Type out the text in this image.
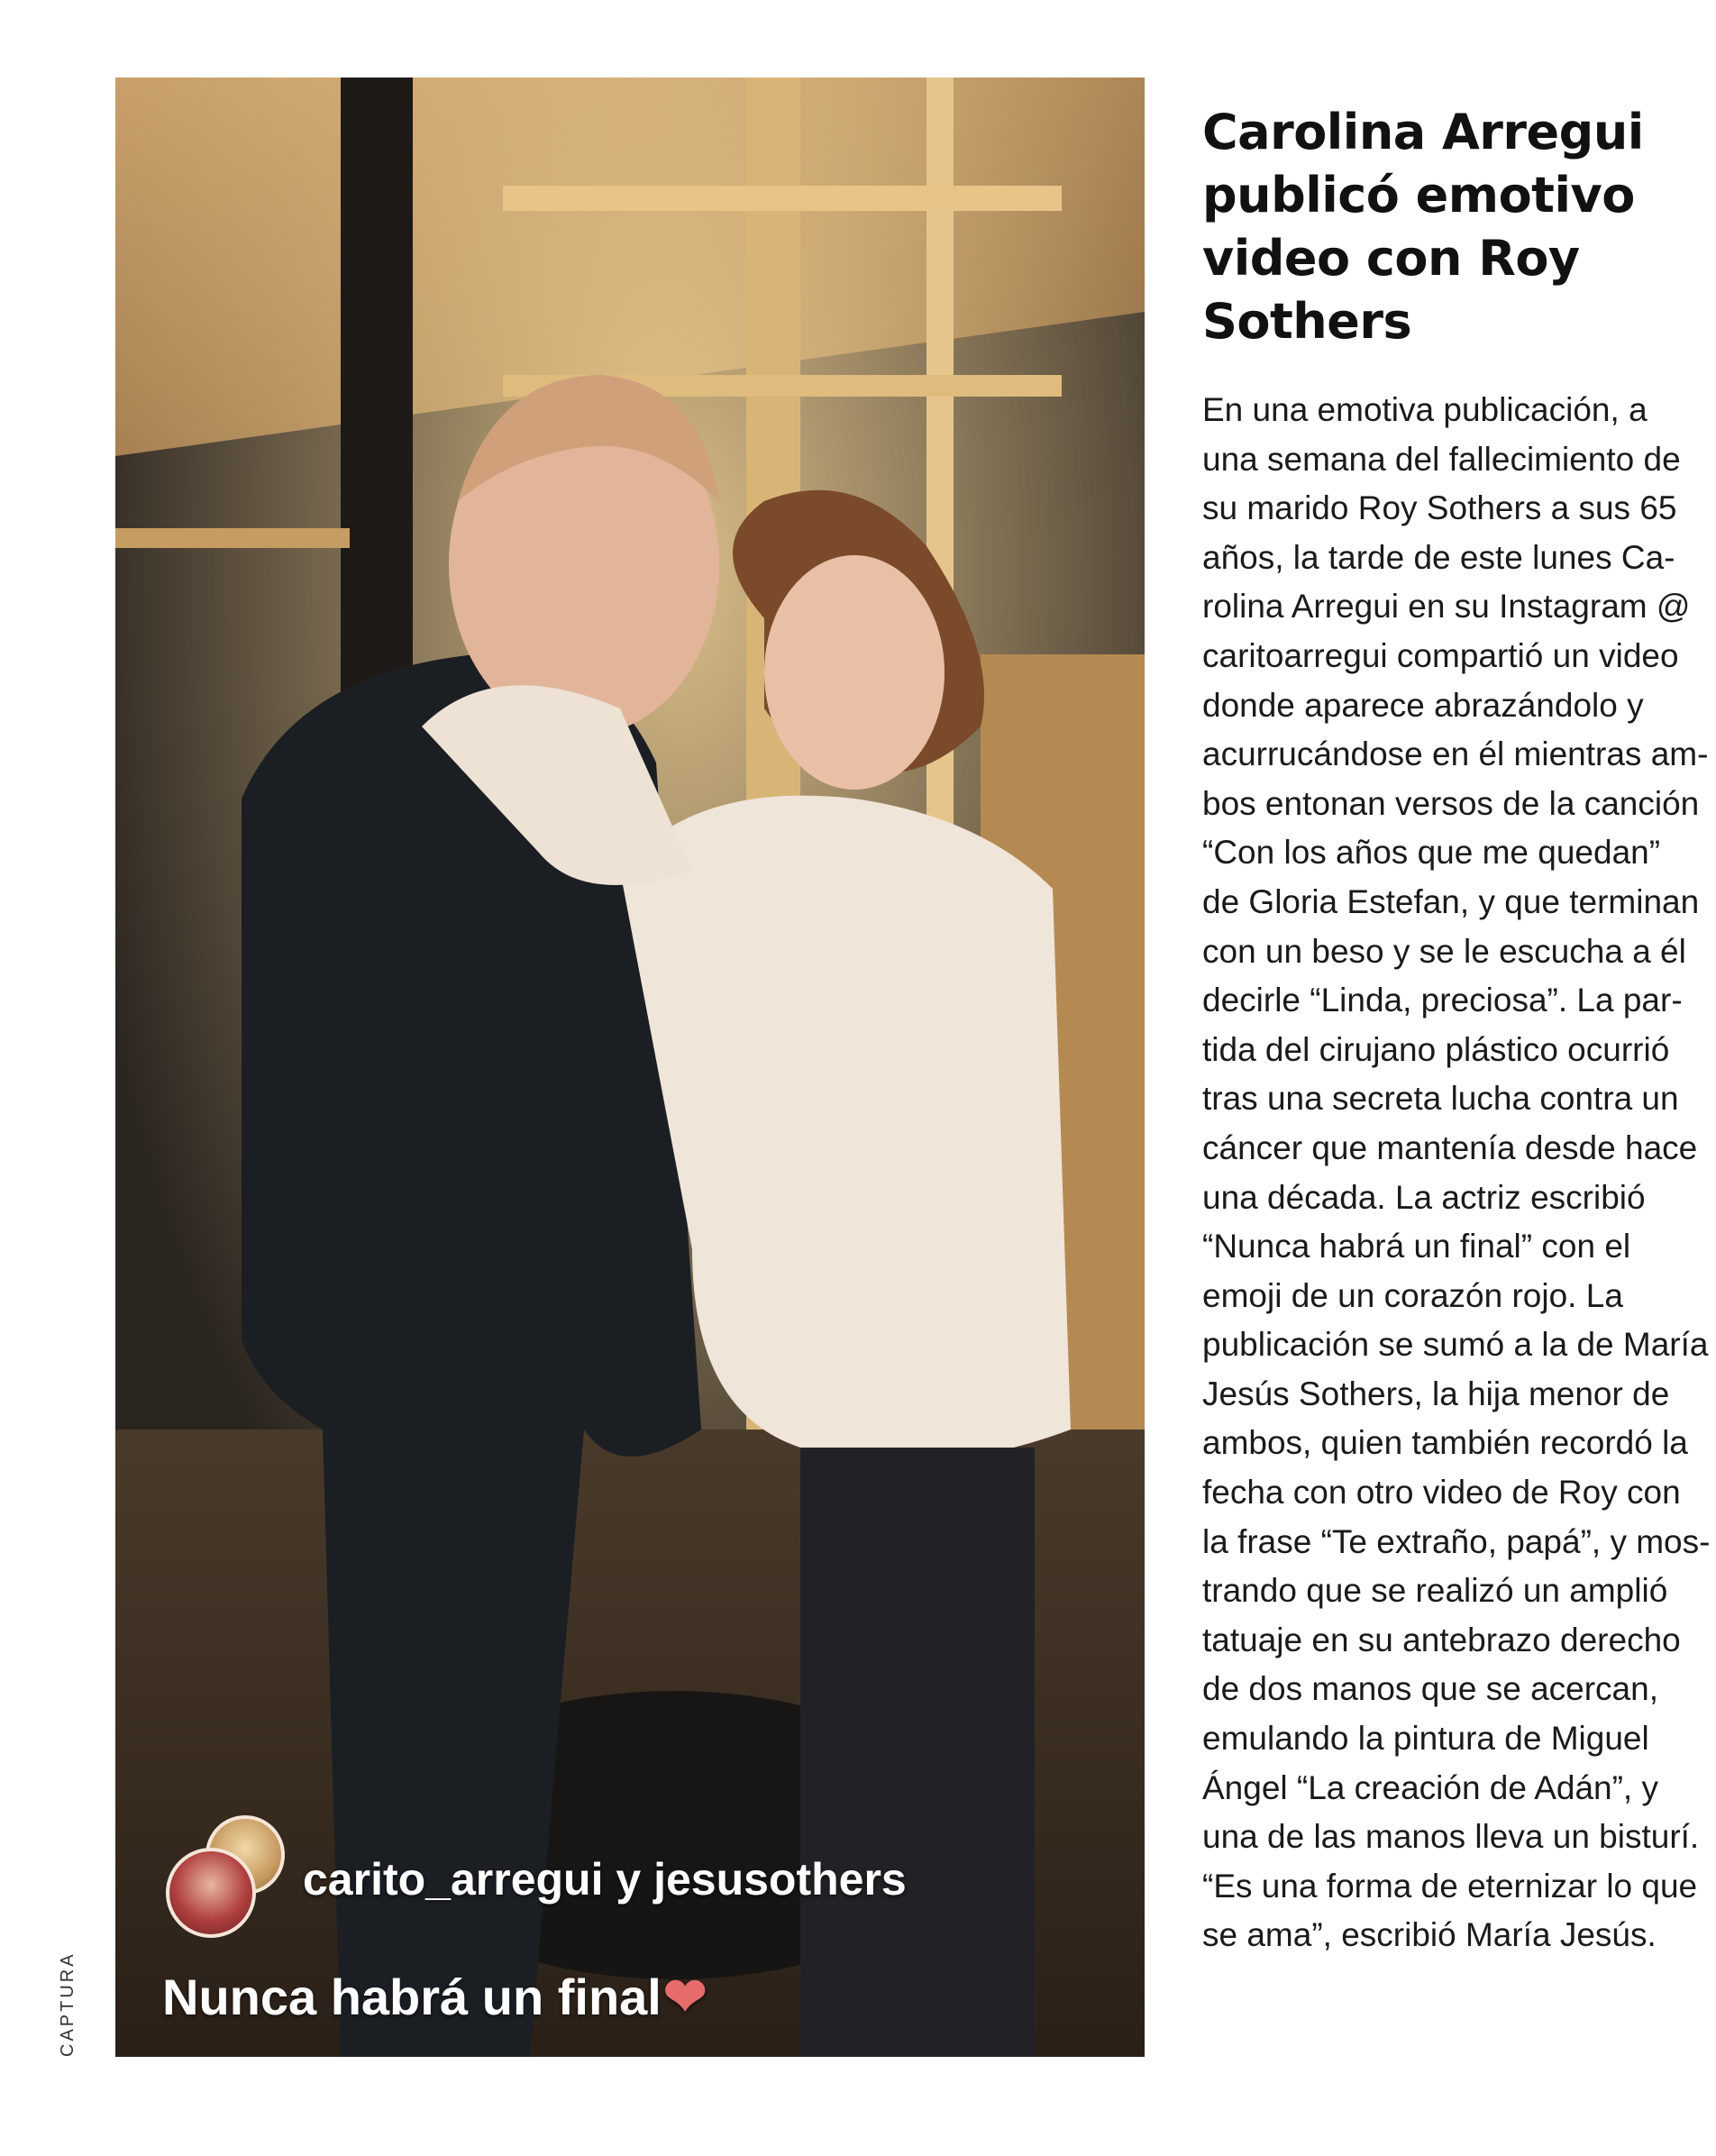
carito_arregui y jesusothers
Nunca habrá un final❤
CAPTURA
Carolina Arregui publicó emotivo video con Roy Sothers
En una emotiva publicación, a
una semana del fallecimiento de
su marido Roy Sothers a sus 65
años, la tarde de este lunes Ca-
rolina Arregui en su Instagram @
caritoarregui compartió un video
donde aparece abrazándolo y
acurrucándose en él mientras am-
bos entonan versos de la canción
“Con los años que me quedan”
de Gloria Estefan, y que terminan
con un beso y se le escucha a él
decirle “Linda, preciosa”. La par-
tida del cirujano plástico ocurrió
tras una secreta lucha contra un
cáncer que mantenía desde hace
una década. La actriz escribió
“Nunca habrá un final” con el
emoji de un corazón rojo. La
publicación se sumó a la de María
Jesús Sothers, la hija menor de
ambos, quien también recordó la
fecha con otro video de Roy con
la frase “Te extraño, papá”, y mos-
trando que se realizó un amplió
tatuaje en su antebrazo derecho
de dos manos que se acercan,
emulando la pintura de Miguel
Ángel “La creación de Adán”, y
una de las manos lleva un bisturí.
“Es una forma de eternizar lo que
se ama”, escribió María Jesús.
